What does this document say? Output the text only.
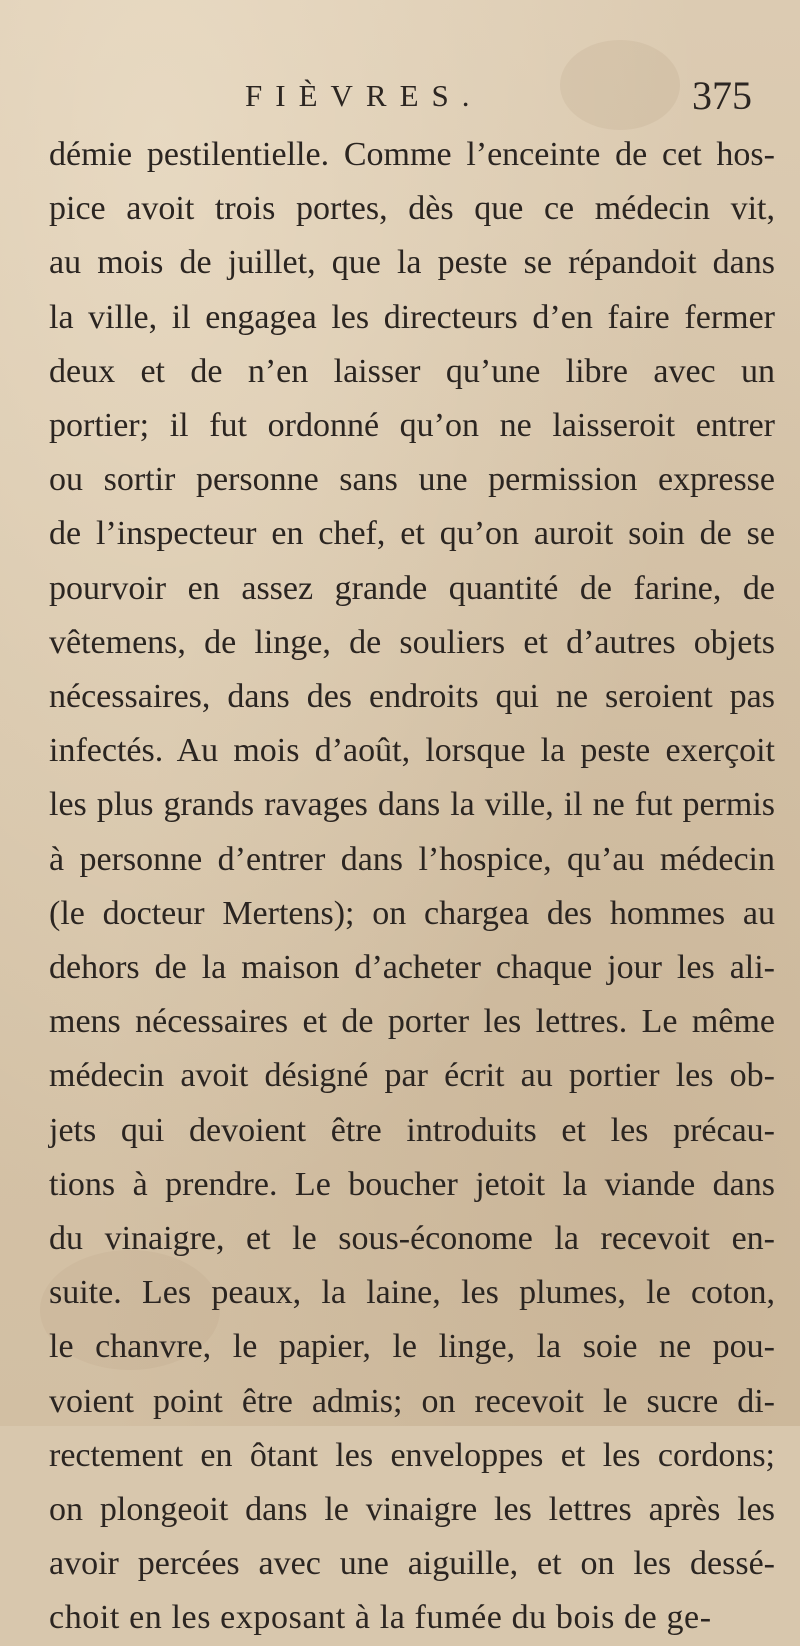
FIÈVRES.	375
démie pestilentielle. Comme l’enceinte de cet hos-
pice avoit trois portes, dès que ce médecin vit,
au mois de juillet, que la peste se répandoit dans
la ville, il engagea les directeurs d’en faire fermer
deux et de n’en laisser qu’une libre avec un
portier; il fut ordonné qu’on ne laisseroit entrer
ou sortir personne sans une permission expresse
de l’inspecteur en chef, et qu’on auroit soin de se
pourvoir en assez grande quantité de farine, de
vêtemens, de linge, de souliers et d’autres objets
nécessaires, dans des endroits qui ne seroient pas
infectés. Au mois d’août, lorsque la peste exerçoit
les plus grands ravages dans la ville, il ne fut permis
à personne d’entrer dans l’hospice, qu’au médecin
(le docteur Mertens); on chargea des hommes au
dehors de la maison d’acheter chaque jour les ali-
mens nécessaires et de porter les lettres. Le même
médecin avoit désigné par écrit au portier les ob-
jets qui devoient être introduits et les précau-
tions à prendre. Le boucher jetoit la viande dans
du vinaigre, et le sous-économe la recevoit en-
suite. Les peaux, la laine, les plumes, le coton,
le chanvre, le papier, le linge, la soie ne pou-
voient point être admis; on recevoit le sucre di-
rectement en ôtant les enveloppes et les cordons;
on plongeoit dans le vinaigre les lettres après les
avoir percées avec une aiguille, et on les dessé-
choit en les exposant à la fumée du bois de ge-
